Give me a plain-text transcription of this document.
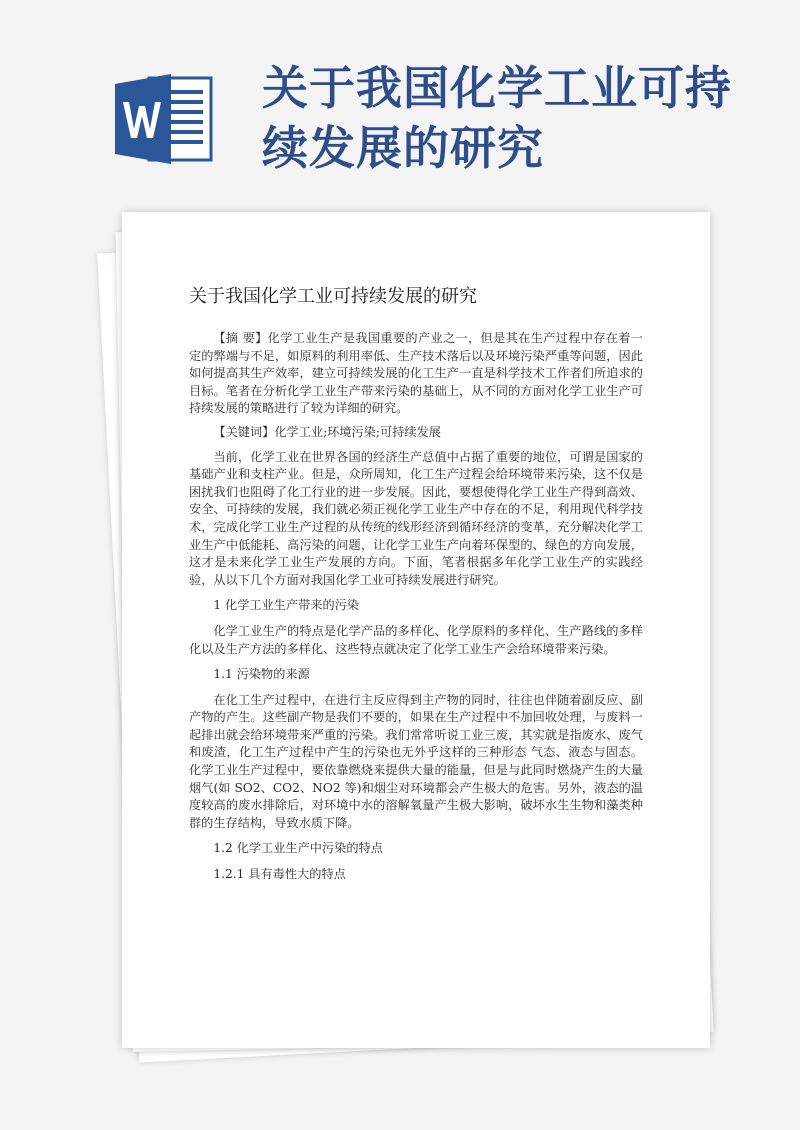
关于我国化学工业可持
续发展的研究
关于我国化学工业可持续发展的研究

【摘 要】化学工业生产是我国重要的产业之一，但是其在生产过程中存在着一定的弊端与不足，如原料的利用率低、生产技术落后以及环境污染严重等问题，因此如何提高其生产效率，建立可持续发展的化工生产一直是科学技术工作者们所追求的目标。笔者在分析化学工业生产带来污染的基础上，从不同的方面对化学工业生产可持续发展的策略进行了较为详细的研究。

【关键词】化学工业;环境污染;可持续发展

当前，化学工业在世界各国的经济生产总值中占据了重要的地位，可谓是国家的基础产业和支柱产业。但是，众所周知，化工生产过程会给环境带来污染，这不仅是困扰我们也阻碍了化工行业的进一步发展。因此，要想使得化学工业生产得到高效、安全、可持续的发展，我们就必须正视化学工业生产中存在的不足，利用现代科学技术，完成化学工业生产过程的从传统的线形经济到循环经济的变革，充分解决化学工业生产中低能耗、高污染的问题，让化学工业生产向着环保型的、绿色的方向发展，这才是未来化学工业生产发展的方向。下面，笔者根据多年化学工业生产的实践经验，从以下几个方面对我国化学工业可持续发展进行研究。

1 化学工业生产带来的污染

化学工业生产的特点是化学产品的多样化、化学原料的多样化、生产路线的多样化以及生产方法的多样化、这些特点就决定了化学工业生产会给环境带来污染。

1.1 污染物的来源

在化工生产过程中，在进行主反应得到主产物的同时，往往也伴随着副反应、副产物的产生。这些副产物是我们不要的，如果在生产过程中不加回收处理，与废料一起排出就会给环境带来严重的污染。我们常常听说工业三废，其实就是指废水、废气和废渣，化工生产过程中产生的污染也无外乎这样的三种形态 气态、液态与固态。化学工业生产过程中，要依靠燃烧来提供大量的能量，但是与此同时燃烧产生的大量烟气(如 SO2、CO2、NO2 等)和烟尘对环境都会产生极大的危害。另外，液态的温度较高的废水排除后，对环境中水的溶解氧量产生极大影响，破坏水生生物和藻类种群的生存结构，导致水质下降。

1.2 化学工业生产中污染的特点

1.2.1 具有毒性大的特点
